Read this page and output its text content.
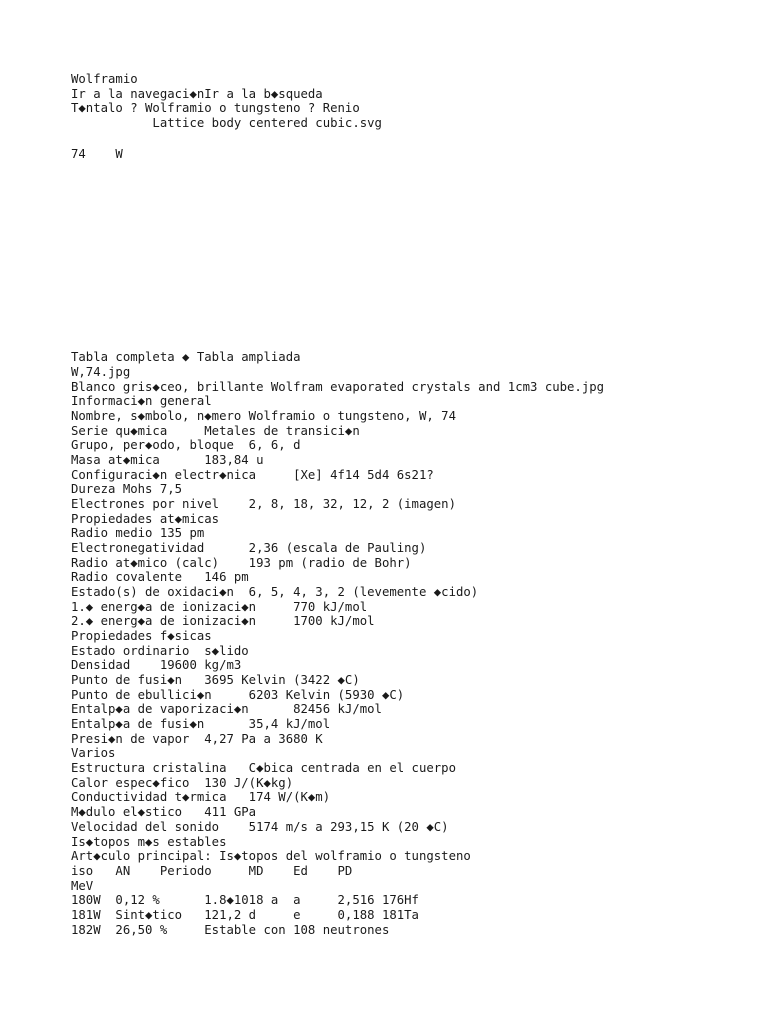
Wolframio
Ir a la navegaci◆nIr a la b◆squeda
T◆ntalo ? Wolframio o tungsteno ? Renio
Lattice body centered cubic.svg
74    W
Tabla completa ◆ Tabla ampliada
W,74.jpg
Blanco gris◆ceo, brillante Wolfram evaporated crystals and 1cm3 cube.jpg
Informaci◆n general
Nombre, s◆mbolo, n◆mero Wolframio o tungsteno, W, 74
Serie qu◆mica     Metales de transici◆n
Grupo, per◆odo, bloque  6, 6, d
Masa at◆mica      183,84 u
Configuraci◆n electr◆nica     [Xe] 4f14 5d4 6s21?
Dureza Mohs 7,5
Electrones por nivel    2, 8, 18, 32, 12, 2 (imagen)
Propiedades at◆micas
Radio medio 135 pm
Electronegatividad      2,36 (escala de Pauling)
Radio at◆mico (calc)    193 pm (radio de Bohr)
Radio covalente   146 pm
Estado(s) de oxidaci◆n  6, 5, 4, 3, 2 (levemente ◆cido)
1.◆ energ◆a de ionizaci◆n     770 kJ/mol
2.◆ energ◆a de ionizaci◆n     1700 kJ/mol
Propiedades f◆sicas
Estado ordinario  s◆lido
Densidad    19600 kg/m3
Punto de fusi◆n   3695 Kelvin (3422 ◆C)
Punto de ebullici◆n     6203 Kelvin (5930 ◆C)
Entalp◆a de vaporizaci◆n      82456 kJ/mol
Entalp◆a de fusi◆n      35,4 kJ/mol
Presi◆n de vapor  4,27 Pa a 3680 K
Varios
Estructura cristalina   C◆bica centrada en el cuerpo
Calor espec◆fico  130 J/(K◆kg)
Conductividad t◆rmica   174 W/(K◆m)
M◆dulo el◆stico   411 GPa
Velocidad del sonido    5174 m/s a 293,15 K (20 ◆C)
Is◆topos m◆s estables
Art◆culo principal: Is◆topos del wolframio o tungsteno
iso   AN    Periodo     MD    Ed    PD
MeV
180W  0,12 %      1.8◆1018 a  a     2,516 176Hf
181W  Sint◆tico   121,2 d     e     0,188 181Ta
182W  26,50 %     Estable con 108 neutrones
